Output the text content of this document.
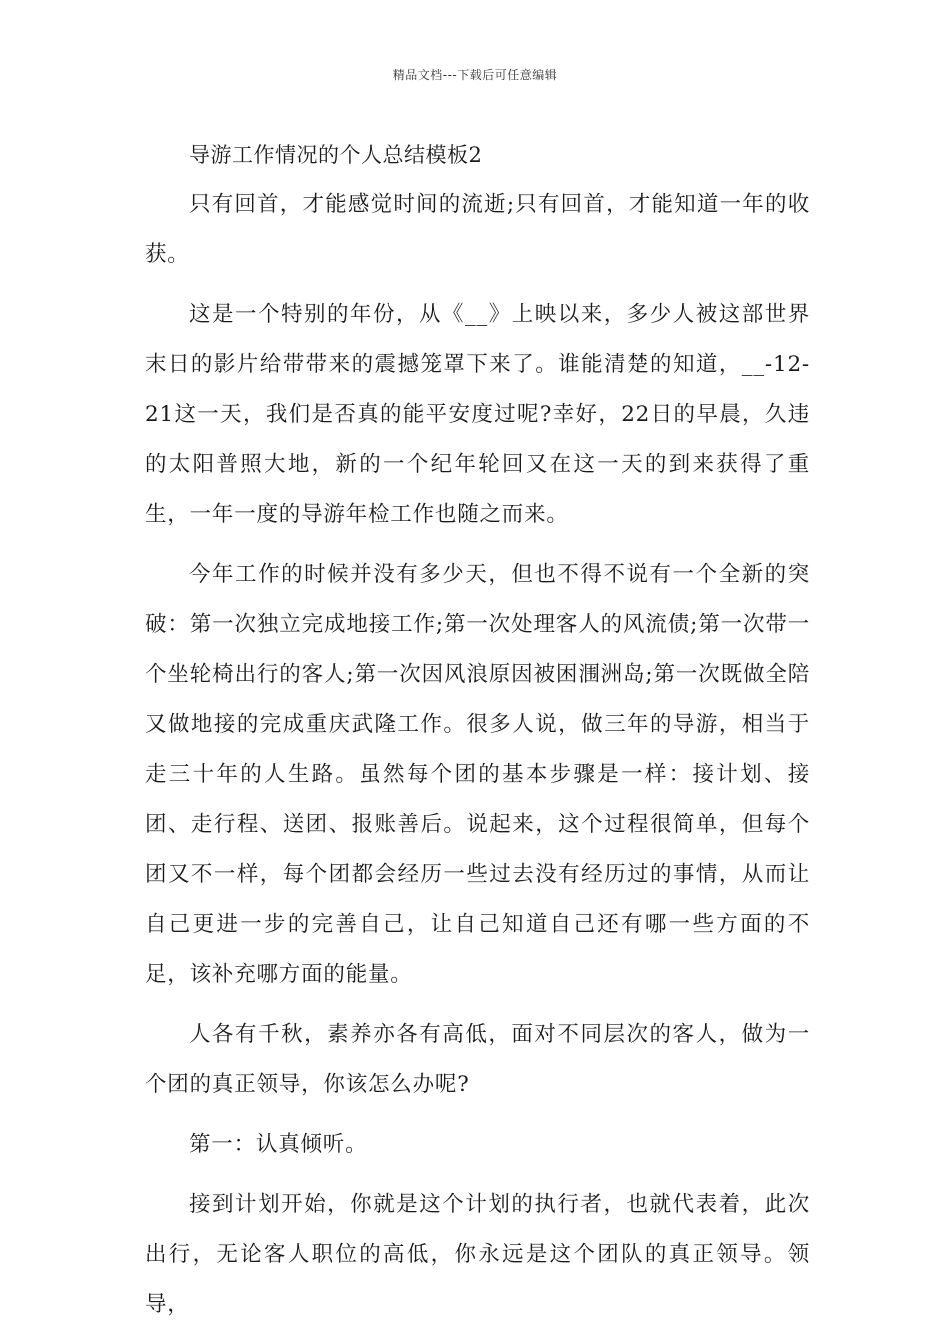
精品文档---下载后可任意编辑
导游工作情况的个人总结模板2

只有回首，才能感觉时间的流逝;只有回首，才能知道一年的收获。

这是一个特别的年份，从《__》上映以来，多少人被这部世界末日的影片给带带来的震撼笼罩下来了。谁能清楚的知道，__-12-21这一天，我们是否真的能平安度过呢?幸好，22日的早晨，久违的太阳普照大地，新的一个纪年轮回又在这一天的到来获得了重生，一年一度的导游年检工作也随之而来。

今年工作的时候并没有多少天，但也不得不说有一个全新的突破：第一次独立完成地接工作;第一次处理客人的风流债;第一次带一个坐轮椅出行的客人;第一次因风浪原因被困涠洲岛;第一次既做全陪又做地接的完成重庆武隆工作。很多人说，做三年的导游，相当于走三十年的人生路。虽然每个团的基本步骤是一样：接计划、接团、走行程、送团、报账善后。说起来，这个过程很简单，但每个团又不一样，每个团都会经历一些过去没有经历过的事情，从而让自己更进一步的完善自己，让自己知道自己还有哪一些方面的不足，该补充哪方面的能量。

人各有千秋，素养亦各有高低，面对不同层次的客人，做为一个团的真正领导，你该怎么办呢?

第一：认真倾听。

接到计划开始，你就是这个计划的执行者，也就代表着，此次出行，无论客人职位的高低，你永远是这个团队的真正领导。领导，
